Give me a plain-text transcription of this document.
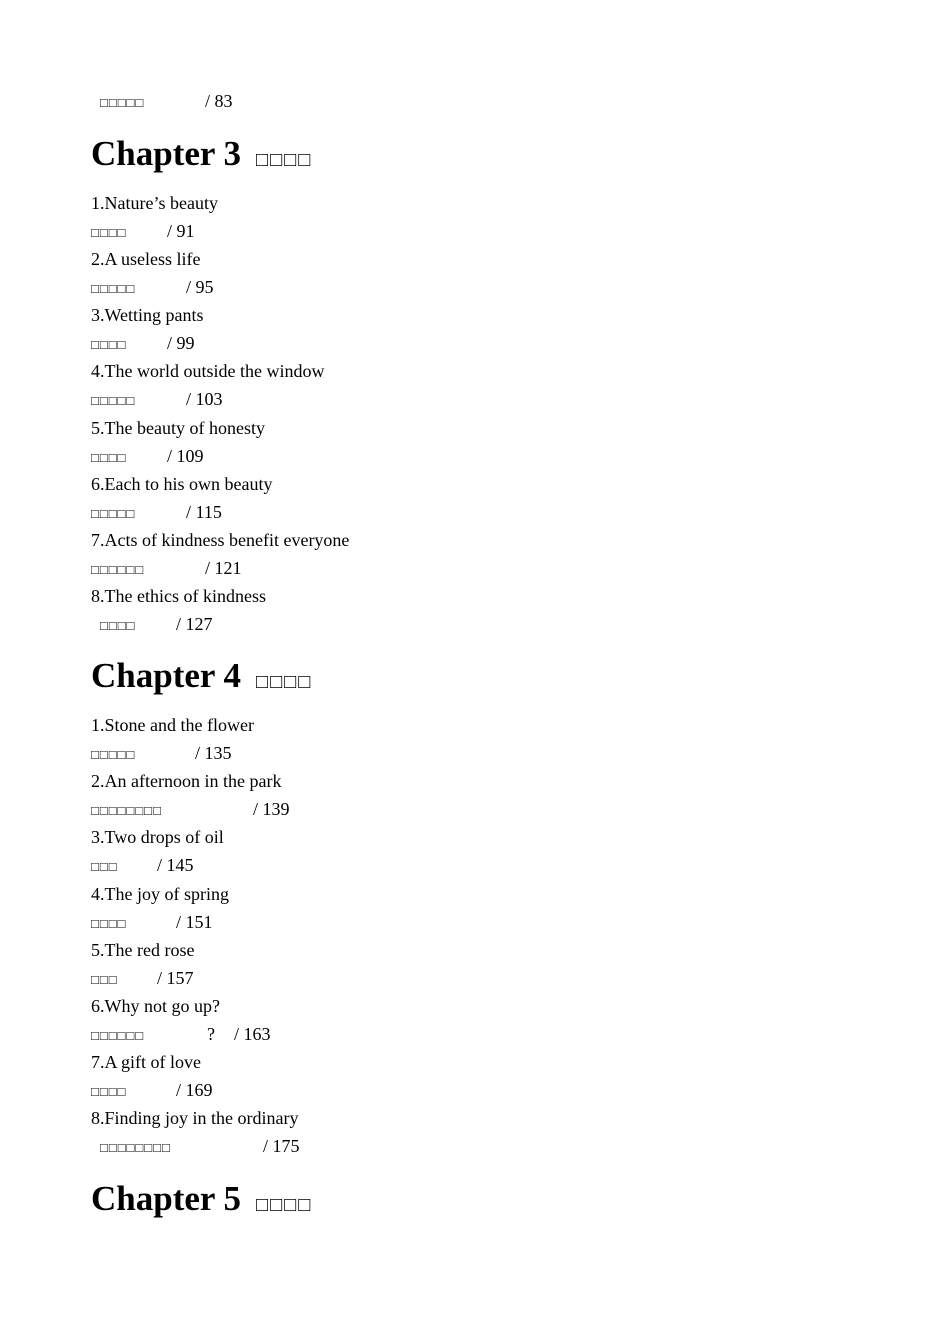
□□□□□	/ 83
Chapter 3 □□□□
1.Nature’s beauty
□□□□ / 91
2.A useless life
□□□□□	/ 95
3.Wetting pants
□□□□ / 99
4.The world outside the window
□□□□□	/ 103
5.The beauty of honesty
□□□□ / 109
6.Each to his own beauty
□□□□□	/ 115
7.Acts of kindness benefit everyone
□□□□□□	/ 121
8.The ethics of kindness
□□□□ / 127
Chapter 4 □□□□
1.Stone and the flower
□□□□□	/ 135
2.An afternoon in the park
□□□□□□□□	/ 139
3.Two drops of oil
□□□ / 145
4.The joy of spring
□□□□	/ 151
5.The red rose
□□□ / 157
6.Why not go up?
□□□□□□	? / 163
7.A gift of love
□□□□	/ 169
8.Finding joy in the ordinary
□□□□□□□□	/ 175
Chapter 5 □□□□
